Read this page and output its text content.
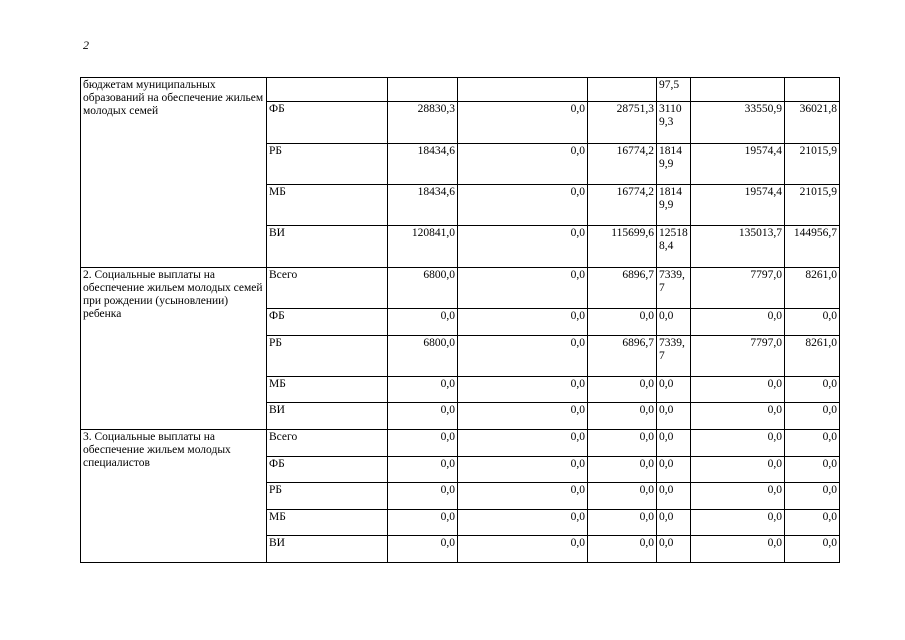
2
бюджетам муниципальных образований на обеспечение жильем молодых семей					97,5		
	ФБ	28830,3	0,0	28751,3	31109,3	33550,9	36021,8
	РБ	18434,6	0,0	16774,2	18149,9	19574,4	21015,9
	МБ	18434,6	0,0	16774,2	18149,9	19574,4	21015,9
	ВИ	120841,0	0,0	115699,6	125188,4	135013,7	144956,7
2. Социальные выплаты на обеспечение жильем молодых семей при рождении (усыновлении) ребенка	Всего	6800,0	0,0	6896,7	7339,7	7797,0	8261,0
	ФБ	0,0	0,0	0,0	0,0	0,0	0,0
	РБ	6800,0	0,0	6896,7	7339,7	7797,0	8261,0
	МБ	0,0	0,0	0,0	0,0	0,0	0,0
	ВИ	0,0	0,0	0,0	0,0	0,0	0,0
3. Социальные выплаты на обеспечение жильем молодых специалистов	Всего	0,0	0,0	0,0	0,0	0,0	0,0
	ФБ	0,0	0,0	0,0	0,0	0,0	0,0
	РБ	0,0	0,0	0,0	0,0	0,0	0,0
	МБ	0,0	0,0	0,0	0,0	0,0	0,0
	ВИ	0,0	0,0	0,0	0,0	0,0	0,0
